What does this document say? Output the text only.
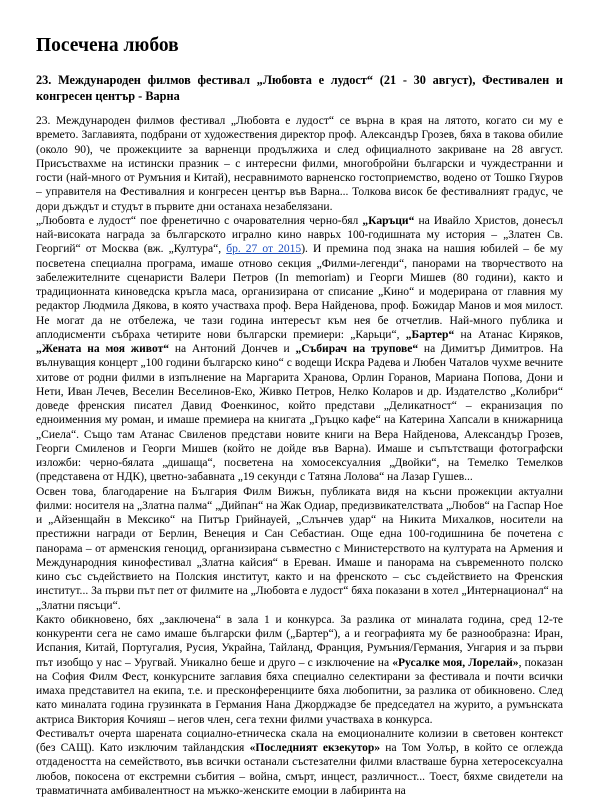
Посечена любов
23. Международен филмов фестивал „Любовта е лудост“ (21 - 30 август), Фестивален и конгресен център - Варна

23. Международен филмов фестивал „Любовта е лудост“ се върна в края на лятото, когато си му е времето. Заглавията, подбрани от художествения директор проф. Александър Грозев, бяха в такова обилие (около 90), че прожекциите за варненци продължиха и след официалното закриване на 28 август. Присъствахме на истински празник – с интересни филми, многобройни български и чуждестранни и гости (най-много от Румъния и Китай), несравнимото варненско гостоприемство, водено от Тошко Гяуров – управителя на Фестивалния и конгресен център във Варна... Толкова висок бе фестивалният градус, че дори дъждът и студът в първите дни останаха незабелязани.

„Любовта е лудост“ пое френетично с очарователния черно-бял „Каръци“ на Ивайло Христов, донесъл най-високата награда за българското игрално кино наврьх 100-годишната му история – „Златен Св. Георгий“ от Москва (вж. „Култура“, бр. 27 от 2015). И премина под знака на нашия юбилей – бе му посветена специална програма, имаше отново секция „Филми-легенди“, панорами на творчеството на забележителните сценаристи Валери Петров (In memoriam) и Георги Мишев (80 години), както и традиционната киноведска кръгла маса, организирана от списание „Кино“ и модерирана от главния му редактор Людмила Дякова, в която участваха проф. Вера Найденова, проф. Божидар Манов и моя милост. Не могат да не отбележа, че тази година интересът към нея бе отчетлив. Най-много публика и аплодисменти събраха четирите нови български премиери: „Карьци“, „Бартер“ на Атанас Киряков, „Жената на моя живот“ на Антоний Дончев и „Събирач на трупове“ на Димитър Димитров. На вълнуващия концерт „100 години българско кино“ с водещи Искра Радева и Любен Чаталов чухме вечните хитове от родни филми в изпълнение на Маргарита Хранова, Орлин Горанов, Мариана Попова, Дони и Нети, Иван Лечев, Веселин Веселинов-Еко, Живко Петров, Нелко Коларов и др. Издателство „Колибри“ доведе френския писател Давид Фоенкинос, който представи „Деликатност“ – екранизация по едноименния му роман, и имаше премиера на книгата „Гръцко кафе“ на Катерина Хапсали в книжарница „Сиела“. Също там Атанас Свиленов представи новите книги на Вера Найденова, Александър Грозев, Георги Смиленов и Георги Мишев (който не дойде във Варна). Имаше и съпътстващи фотографски изложби: черно-бялата „дишаща“, посветена на хомосексуалния „Двойки“, на Темелко Темелков (представена от НДК), цветно-забавната „19 секунди с Татяна Лолова“ на Лазар Гушев...

Освен това, благодарение на България Филм Вижън, публиката видя на късни прожекции актуални филми: носителя на „Златна палма“ „Дийпан“ на Жак Одиар, предизвикателствата „Любов“ на Гаспар Ное и „Айзенщайн в Мексико“ на Питър Грийнауей, „Слънчев удар“ на Никита Михалков, носители на престижни награди от Берлин, Венеция и Сан Себастиан. Още една 100-годишнина бе почетена с панорама – от арменския геноцид, организирана съвместно с Министерството на културата на Армения и Международния кинофестивал „Златна кайсия“ в Ереван. Имаше и панорама на съвременното полско кино със съдействието на Полския институт, както и на френското – със съдействието на Френския институт... За първи път пет от филмите на „Любовта е лудост“ бяха показани в хотел „Интернационал“ на „Златни пясъци“.

Както обикновено, бях „заключена“ в зала 1 и конкурса. За разлика от миналата година, сред 12-те конкуренти сега не само имаше български филм („Бартер“), а и географията му бе разнообразна: Иран, Испания, Китай, Португалия, Русия, Украйна, Тайланд, Франция, Румъния/Германия, Унгария и за първи път изобщо у нас – Уругвай. Уникално беше и друго – с изключение на «Русалке моя, Лорелай», показан на София Филм Фест, конкурсните заглавия бяха специално селектирани за фестивала и почти всички имаха представител на екипа, т.е. и пресконференциите бяха любопитни, за разлика от обикновено. След като миналата година грузинката в Германия Нана Джорджадзе бе председател на журито, а румънската актриса Виктория Кочияш – негов член, сега техни филми участваха в конкурса.

Фестивалът очерта шарената социално-етническа скала на емоционалните колизии в световен контекст (без САЩ). Като изключим тайландския «Последният екзекутор» на Том Уолър, в който се оглежда отдадеността на семейството, във всички останали състезателни филми властваше бурна хетеросексуална любов, покосена от екстремни събития – война, смърт, инцест, различност... Тоест, бяхме свидетели на травматичната амбивалентност на мъжко-женските емоции в лабиринта на
